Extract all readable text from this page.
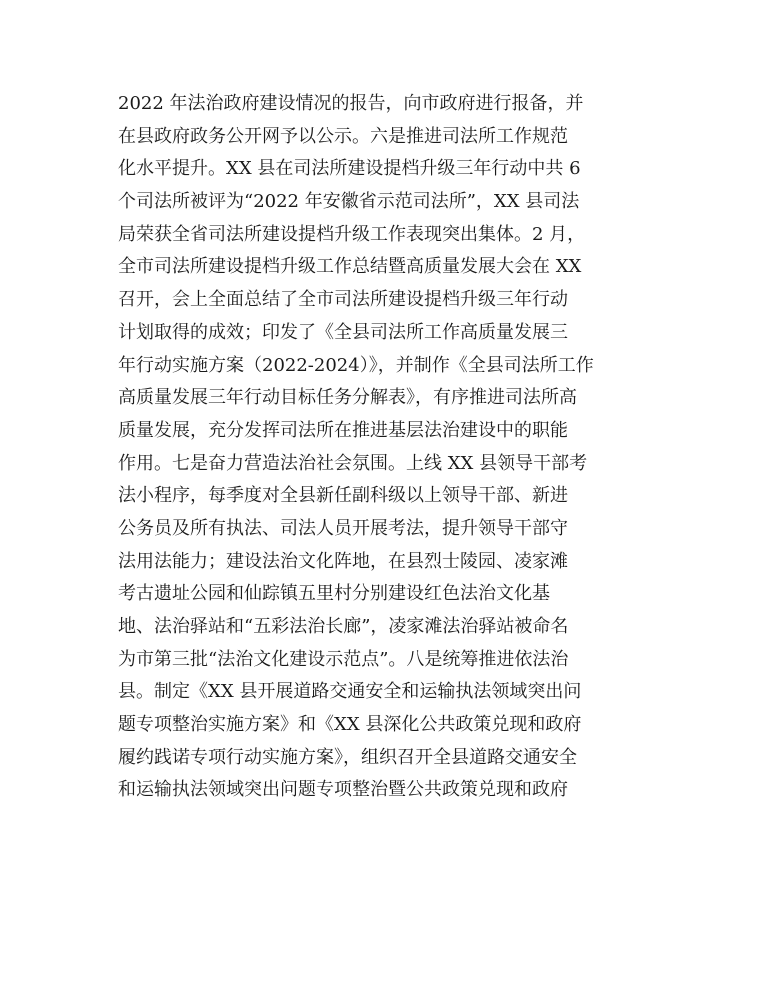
2022 年法治政府建设情况的报告，向市政府进行报备，并
在县政府政务公开网予以公示。六是推进司法所工作规范
化水平提升。XX 县在司法所建设提档升级三年行动中共 6
个司法所被评为“2022 年安徽省示范司法所”，XX 县司法
局荣获全省司法所建设提档升级工作表现突出集体。2 月，
全市司法所建设提档升级工作总结暨高质量发展大会在 XX
召开，会上全面总结了全市司法所建设提档升级三年行动
计划取得的成效；印发了《全县司法所工作高质量发展三
年行动实施方案（2022-2024）》，并制作《全县司法所工作
高质量发展三年行动目标任务分解表》，有序推进司法所高
质量发展，充分发挥司法所在推进基层法治建设中的职能
作用。七是奋力营造法治社会氛围。上线 XX 县领导干部考
法小程序，每季度对全县新任副科级以上领导干部、新进
公务员及所有执法、司法人员开展考法，提升领导干部守
法用法能力；建设法治文化阵地，在县烈士陵园、凌家滩
考古遗址公园和仙踪镇五里村分别建设红色法治文化基
地、法治驿站和“五彩法治长廊”，凌家滩法治驿站被命名
为市第三批“法治文化建设示范点”。八是统筹推进依法治
县。制定《XX 县开展道路交通安全和运输执法领域突出问
题专项整治实施方案》和《XX 县深化公共政策兑现和政府
履约践诺专项行动实施方案》，组织召开全县道路交通安全
和运输执法领域突出问题专项整治暨公共政策兑现和政府
